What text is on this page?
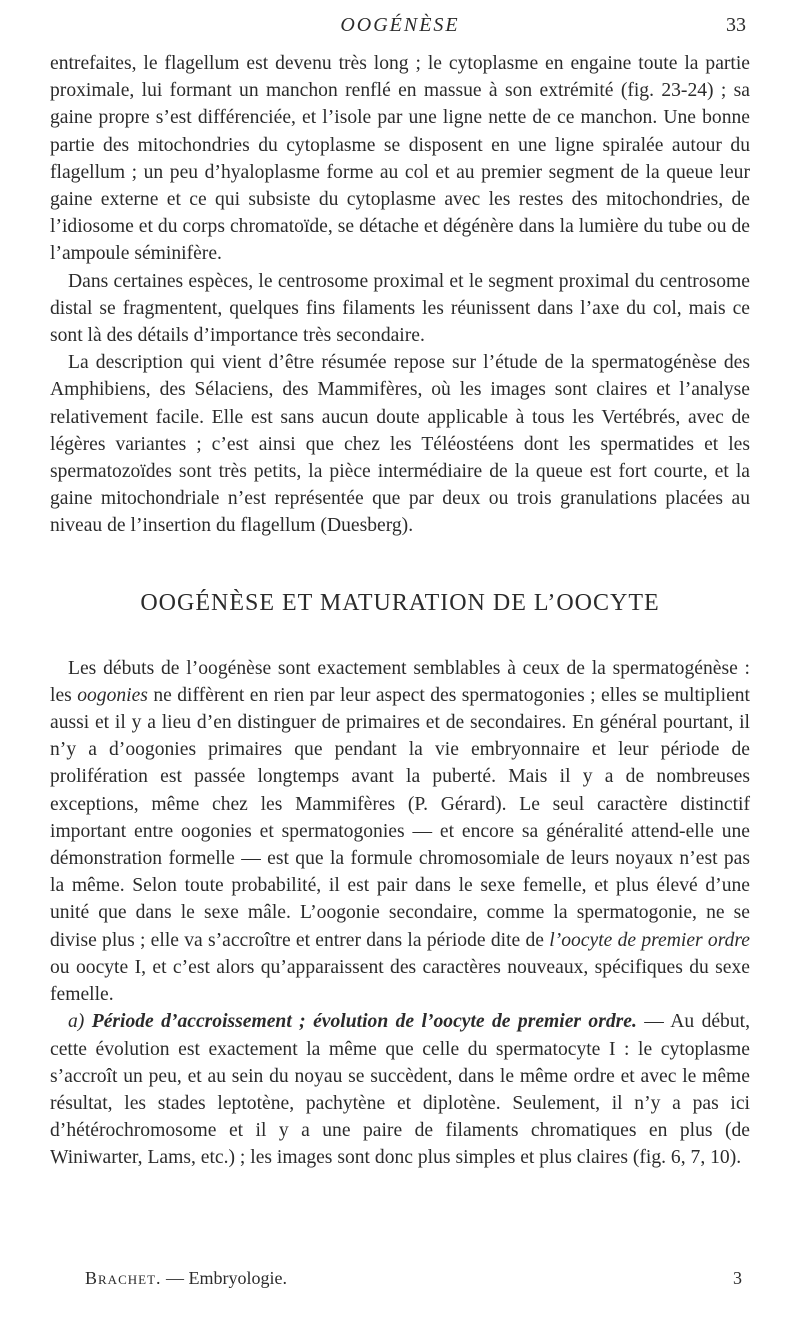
OOGÉNÈSE	33

entrefaites, le flagellum est devenu très long ; le cytoplasme en engaine toute la partie proximale, lui formant un manchon renflé en massue à son extrémité (fig. 23-24) ; sa gaine propre s’est différenciée, et l’isole par une ligne nette de ce manchon. Une bonne partie des mitochondries du cytoplasme se disposent en une ligne spiralée autour du flagellum ; un peu d’hyaloplasme forme au col et au premier segment de la queue leur gaine externe et ce qui subsiste du cytoplasme avec les restes des mitochondries, de l’idiosome et du corps chromatoïde, se détache et dégénère dans la lumière du tube ou de l’ampoule séminifère.

Dans certaines espèces, le centrosome proximal et le segment proximal du centrosome distal se fragmentent, quelques fins filaments les réunissent dans l’axe du col, mais ce sont là des détails d’importance très secondaire.

La description qui vient d’être résumée repose sur l’étude de la spermatogénèse des Amphibiens, des Sélaciens, des Mammifères, où les images sont claires et l’analyse relativement facile. Elle est sans aucun doute applicable à tous les Vertébrés, avec de légères variantes ; c’est ainsi que chez les Téléostéens dont les spermatides et les spermatozoïdes sont très petits, la pièce intermédiaire de la queue est fort courte, et la gaine mitochondriale n’est représentée que par deux ou trois granulations placées au niveau de l’insertion du flagellum (Duesberg).

OOGÉNÈSE ET MATURATION DE L’OOCYTE

Les débuts de l’oogénèse sont exactement semblables à ceux de la spermatogénèse : les oogonies ne diffèrent en rien par leur aspect des spermatogonies ; elles se multiplient aussi et il y a lieu d’en distinguer de primaires et de secondaires. En général pourtant, il n’y a d’oogonies primaires que pendant la vie embryonnaire et leur période de prolifération est passée longtemps avant la puberté. Mais il y a de nombreuses exceptions, même chez les Mammifères (P. Gérard). Le seul caractère distinctif important entre oogonies et spermatogonies — et encore sa généralité attend-elle une démonstration formelle — est que la formule chromosomiale de leurs noyaux n’est pas la même. Selon toute probabilité, il est pair dans le sexe femelle, et plus élevé d’une unité que dans le sexe mâle. L’oogonie secondaire, comme la spermatogonie, ne se divise plus ; elle va s’accroître et entrer dans la période dite de l’oocyte de premier ordre ou oocyte I, et c’est alors qu’apparaissent des caractères nouveaux, spécifiques du sexe femelle.

a) Période d’accroissement ; évolution de l’oocyte de premier ordre. — Au début, cette évolution est exactement la même que celle du spermatocyte I : le cytoplasme s’accroît un peu, et au sein du noyau se succèdent, dans le même ordre et avec le même résultat, les stades leptotène, pachytène et diplotène. Seulement, il n’y a pas ici d’hétérochromosome et il y a une paire de filaments chromatiques en plus (de Winiwarter, Lams, etc.) ; les images sont donc plus simples et plus claires (fig. 6, 7, 10).

Brachet. — Embryologie.	3
